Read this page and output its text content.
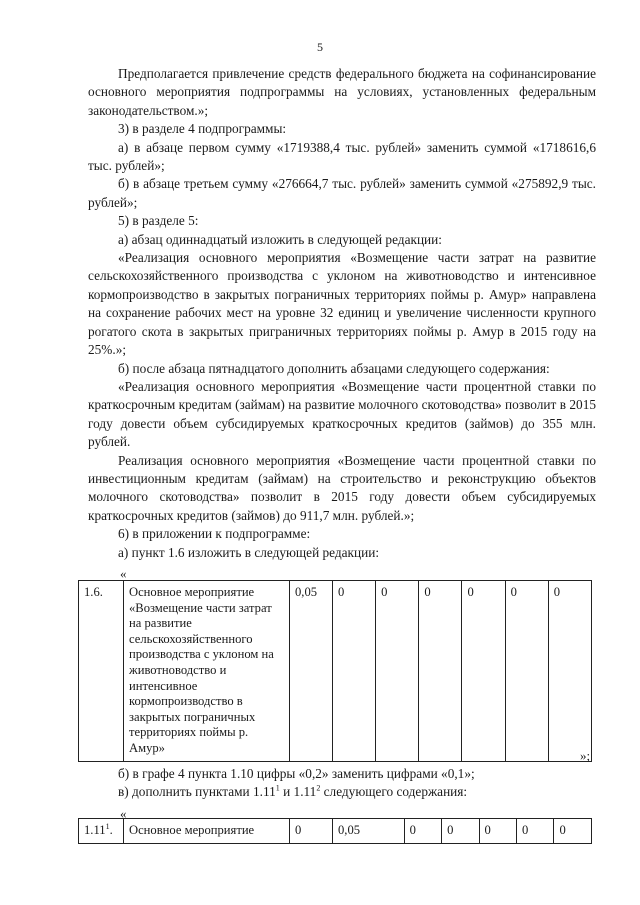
5

Предполагается привлечение средств федерального бюджета на софинансирование основного мероприятия подпрограммы на условиях, установленных федеральным законодательством.»;

3) в разделе 4 подпрограммы:

а) в абзаце первом сумму «1719388,4 тыс. рублей» заменить суммой «1718616,6 тыс. рублей»;

б) в абзаце третьем сумму «276664,7 тыс. рублей» заменить суммой «275892,9 тыс. рублей»;

5) в разделе 5:

а) абзац одиннадцатый изложить в следующей редакции:

«Реализация основного мероприятия «Возмещение части затрат на развитие сельскохозяйственного производства с уклоном на животноводство и интенсивное кормопроизводство в закрытых пограничных территориях поймы р. Амур» направлена на сохранение рабочих мест на уровне 32 единиц и увеличение численности крупного рогатого скота в закрытых приграничных территориях поймы р. Амур в 2015 году на 25%.»;

б) после абзаца пятнадцатого дополнить абзацами следующего содержания:

«Реализация основного мероприятия «Возмещение части процентной ставки по краткосрочным кредитам (займам) на развитие молочного скотоводства» позволит в 2015 году довести объем субсидируемых краткосрочных кредитов (займов) до 355 млн. рублей.

Реализация основного мероприятия «Возмещение части процентной ставки по инвестиционным кредитам (займам) на строительство и реконструкцию объектов молочного скотоводства» позволит в 2015 году довести объем субсидируемых краткосрочных кредитов (займов) до 911,7 млн. рублей.»;

6) в приложении к подпрограмме:

а) пункт 1.6 изложить в следующей редакции:

«
1.6.	Основное мероприятие «Возмещение части затрат на развитие сельскохозяйственного производства с уклоном на животноводство и интенсивное кормопроизводство в закрытых пограничных территориях поймы р. Амур»	0,05	0	0	0	0	0	0
»;

б) в графе 4 пункта 1.10 цифры «0,2» заменить цифрами «0,1»;

в) дополнить пунктами 1.11$^1$ и 1.11$^2$ следующего содержания:

«
1.11$^1$.	Основное мероприятие	0	0,05	0	0	0	0	0
